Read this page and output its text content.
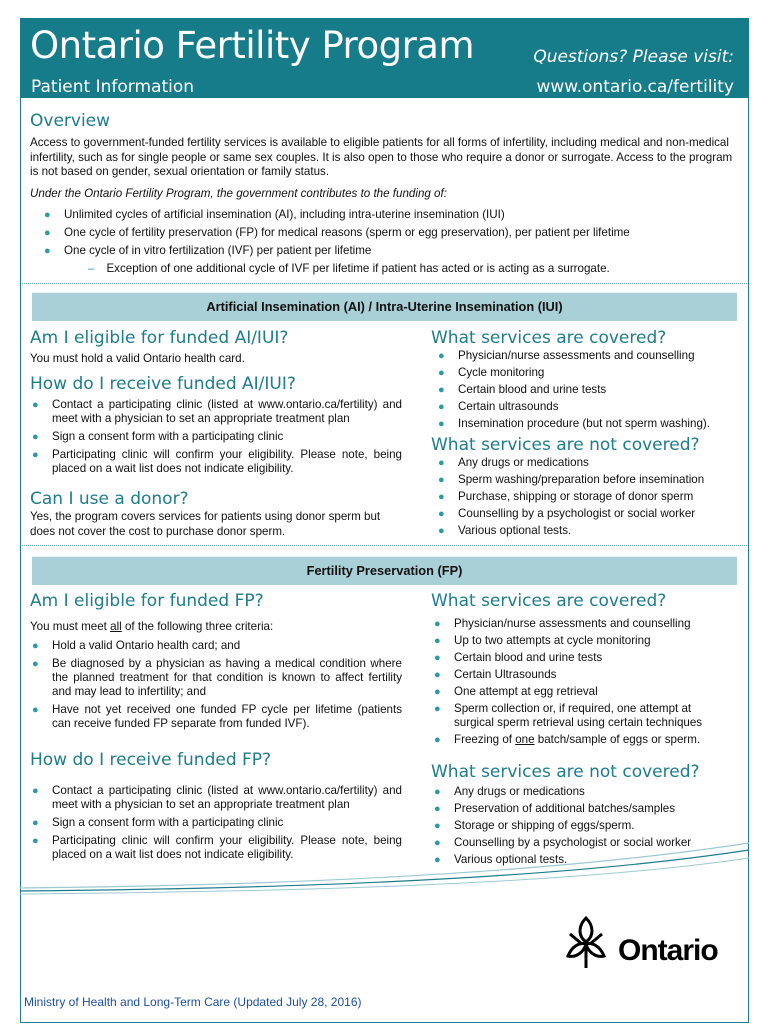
Ontario Fertility Program
Patient Information
Questions? Please visit:
www.ontario.ca/fertility
Overview
Access to government-funded fertility services is available to eligible patients for all forms of infertility, including medical and non-medical infertility, such as for single people or same sex couples. It is also open to those who require a donor or surrogate. Access to the program is not based on gender, sexual orientation or family status.
Under the Ontario Fertility Program, the government contributes to the funding of:
● Unlimited cycles of artificial insemination (AI), including intra-uterine insemination (IUI)
● One cycle of fertility preservation (FP) for medical reasons (sperm or egg preservation), per patient per lifetime
● One cycle of in vitro fertilization (IVF) per patient per lifetime
– Exception of one additional cycle of IVF per lifetime if patient has acted or is acting as a surrogate.
Artificial Insemination (AI) / Intra-Uterine Insemination (IUI)
Am I eligible for funded AI/IUI?
You must hold a valid Ontario health card.
How do I receive funded AI/IUI?
● Contact a participating clinic (listed at www.ontario.ca/fertility) and meet with a physician to set an appropriate treatment plan
● Sign a consent form with a participating clinic
● Participating clinic will confirm your eligibility. Please note, being placed on a wait list does not indicate eligibility.
Can I use a donor?
Yes, the program covers services for patients using donor sperm but does not cover the cost to purchase donor sperm.
What services are covered?
● Physician/nurse assessments and counselling
● Cycle monitoring
● Certain blood and urine tests
● Certain ultrasounds
● Insemination procedure (but not sperm washing).
What services are not covered?
● Any drugs or medications
● Sperm washing/preparation before insemination
● Purchase, shipping or storage of donor sperm
● Counselling by a psychologist or social worker
● Various optional tests.
Fertility Preservation (FP)
Am I eligible for funded FP?
You must meet all of the following three criteria:
● Hold a valid Ontario health card; and
● Be diagnosed by a physician as having a medical condition where the planned treatment for that condition is known to affect fertility and may lead to infertility; and
● Have not yet received one funded FP cycle per lifetime (patients can receive funded FP separate from funded IVF).
How do I receive funded FP?
● Contact a participating clinic (listed at www.ontario.ca/fertility) and meet with a physician to set an appropriate treatment plan
● Sign a consent form with a participating clinic
● Participating clinic will confirm your eligibility. Please note, being placed on a wait list does not indicate eligibility.
What services are covered?
● Physician/nurse assessments and counselling
● Up to two attempts at cycle monitoring
● Certain blood and urine tests
● Certain Ultrasounds
● One attempt at egg retrieval
● Sperm collection or, if required, one attempt at surgical sperm retrieval using certain techniques
● Freezing of one batch/sample of eggs or sperm.
What services are not covered?
● Any drugs or medications
● Preservation of additional batches/samples
● Storage or shipping of eggs/sperm.
● Counselling by a psychologist or social worker
● Various optional tests.
Ontario
Ministry of Health and Long-Term Care (Updated July 28, 2016)
